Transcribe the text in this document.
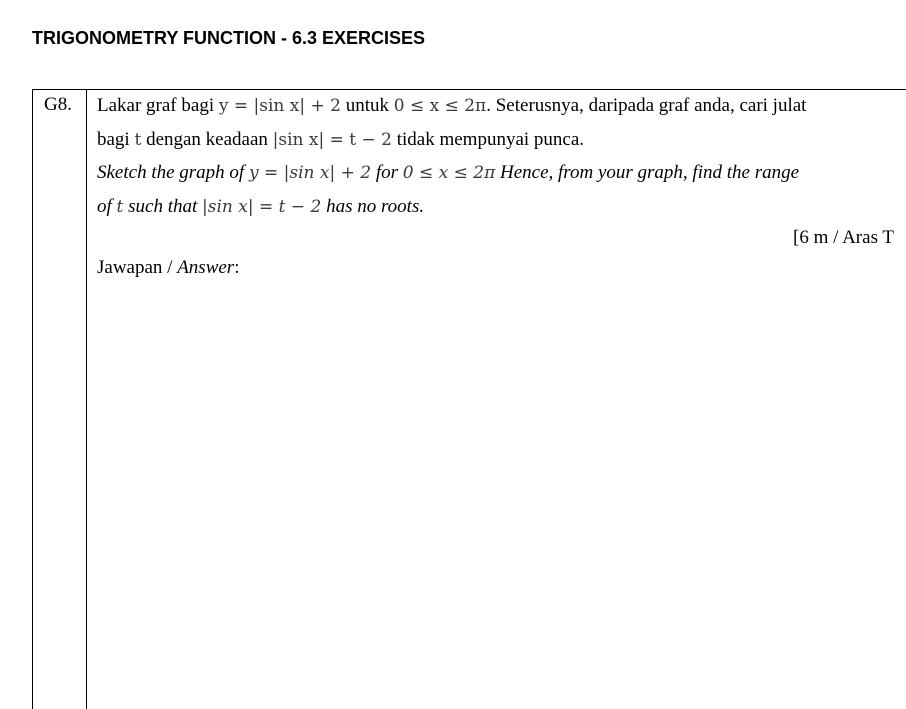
TRIGONOMETRY FUNCTION - 6.3 EXERCISES
G8. Lakar graf bagi y = |sin x| + 2 untuk 0 ≤ x ≤ 2π. Seterusnya, daripada graf anda, cari julat
bagi t dengan keadaan |sin x| = t − 2 tidak mempunyai punca.
Sketch the graph of y = |sin x| + 2 for 0 ≤ x ≤ 2π Hence, from your graph, find the range
of t such that |sin x| = t − 2 has no roots.
[6 m / Aras T
Jawapan / Answer:
